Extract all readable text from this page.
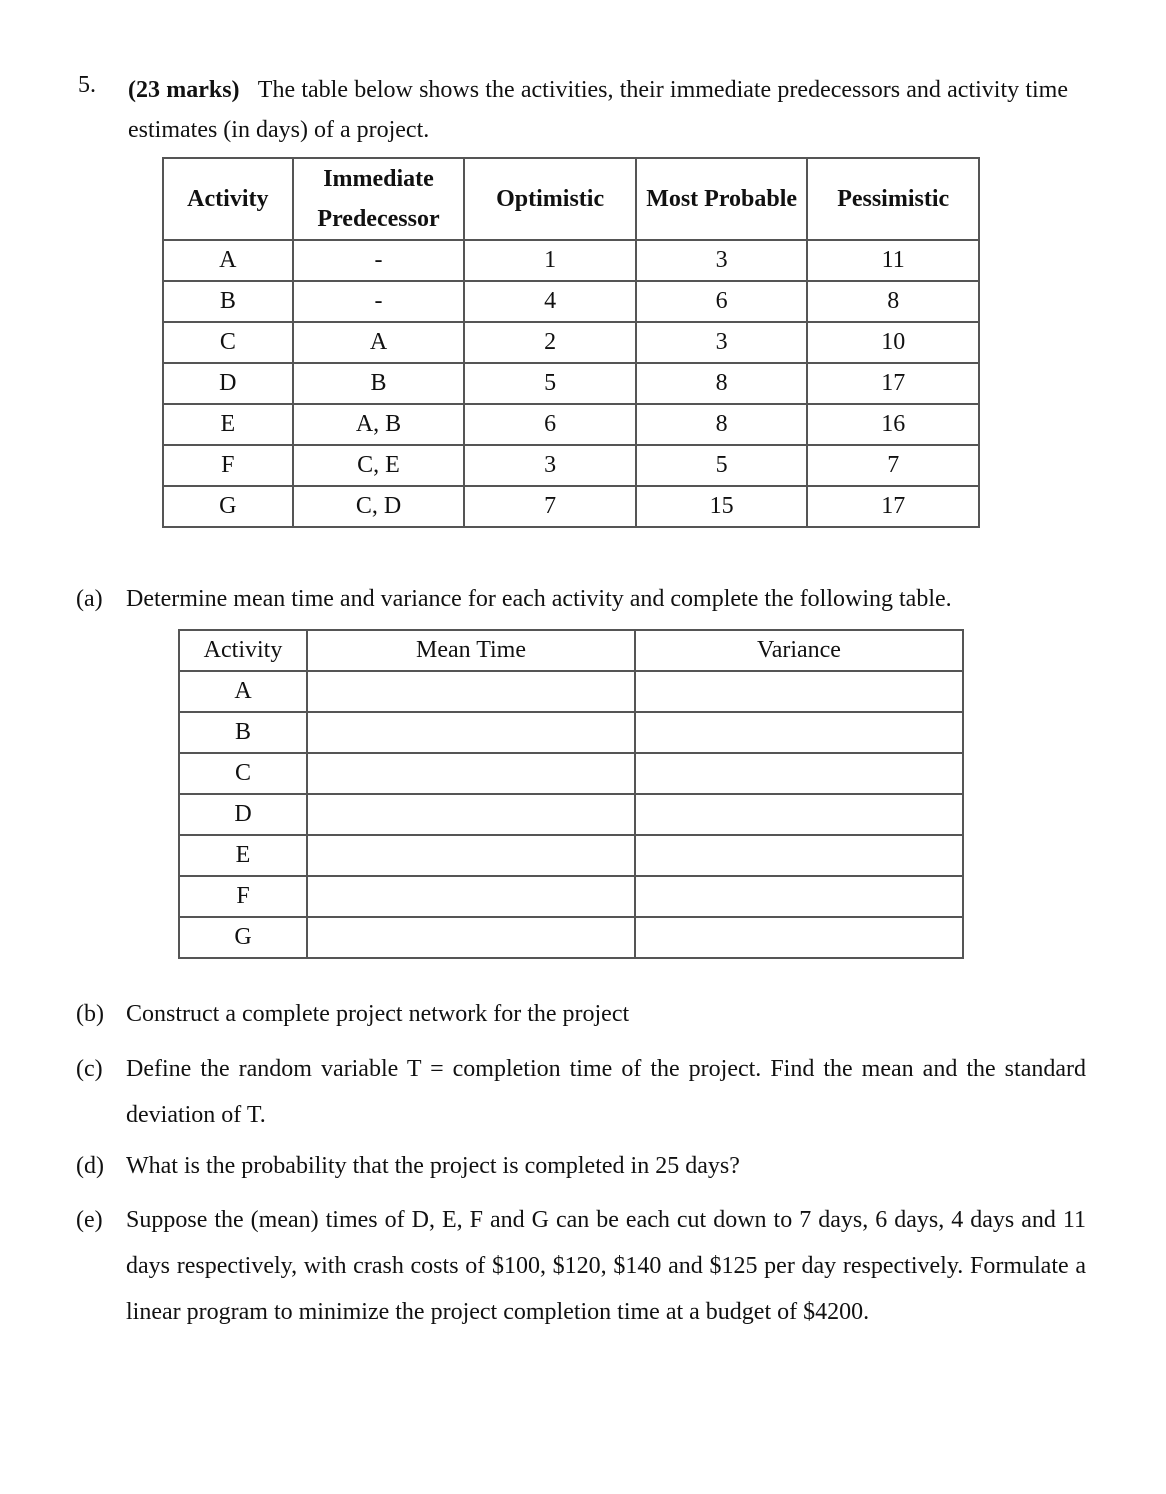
5. (23 marks) The table below shows the activities, their immediate predecessors and activity time estimates (in days) of a project.
Activity	Immediate Predecessor	Optimistic	Most Probable	Pessimistic
A	-	1	3	11
B	-	4	6	8
C	A	2	3	10
D	B	5	8	17
E	A, B	6	8	16
F	C, E	3	5	7
G	C, D	7	15	17
(a) Determine mean time and variance for each activity and complete the following table.
Activity	Mean Time	Variance
A		
B		
C		
D		
E		
F		
G		
(b) Construct a complete project network for the project
(c) Define the random variable T = completion time of the project. Find the mean and the standard deviation of T.
(d) What is the probability that the project is completed in 25 days?
(e) Suppose the (mean) times of D, E, F and G can be each cut down to 7 days, 6 days, 4 days and 11 days respectively, with crash costs of $100, $120, $140 and $125 per day respectively. Formulate a linear program to minimize the project completion time at a budget of $4200.
